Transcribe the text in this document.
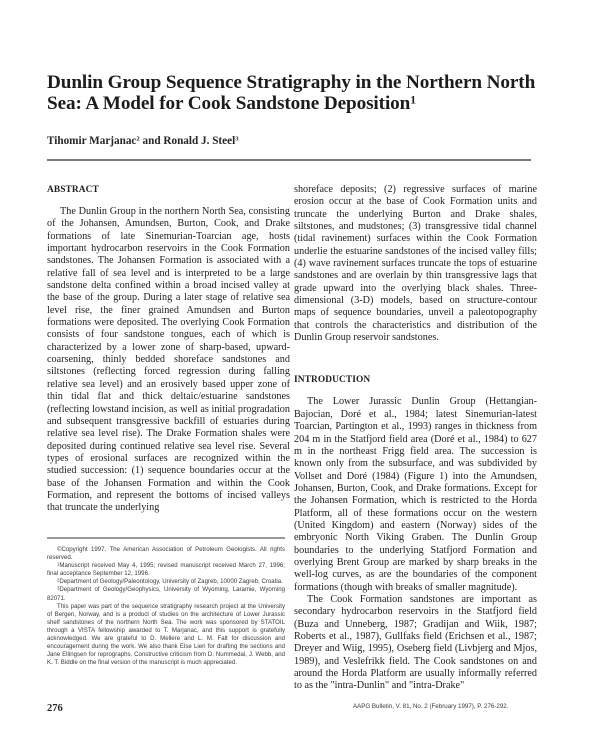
Dunlin Group Sequence Stratigraphy in the Northern North Sea: A Model for Cook Sandstone Deposition$^1$

Tihomir Marjanac$^2$ and Ronald J. Steel$^3$

ABSTRACT

The Dunlin Group in the northern North Sea, consisting of the Johansen, Amundsen, Burton, Cook, and Drake formations of late Sinemurian-Toarcian age, hosts important hydrocarbon reservoirs in the Cook Formation sandstones. The Johansen Formation is associated with a relative fall of sea level and is interpreted to be a large sandstone delta confined within a broad incised valley at the base of the group. During a later stage of relative sea level rise, the finer grained Amundsen and Burton formations were deposited. The overlying Cook Formation consists of four sandstone tongues, each of which is characterized by a lower zone of sharp-based, upward-coarsening, thinly bedded shoreface sandstones and siltstones (reflecting forced regression during falling relative sea level) and an erosively based upper zone of thin tidal flat and thick deltaic/estuarine sandstones (reflecting lowstand incision, as well as initial progradation and subsequent transgressive backfill of estuaries during relative sea level rise). The Drake Formation shales were deposited during continued relative sea level rise. Several types of erosional surfaces are recognized within the studied succession: (1) sequence boundaries occur at the base of the Johansen Formation and within the Cook Formation, and represent the bottoms of incised valleys that truncate the underlying

shoreface deposits; (2) regressive surfaces of marine erosion occur at the base of Cook Formation units and truncate the underlying Burton and Drake shales, siltstones, and mudstones; (3) transgressive tidal channel (tidal ravinement) surfaces within the Cook Formation underlie the estuarine sandstones of the incised valley fills; (4) wave ravinement surfaces truncate the tops of estuarine sandstones and are overlain by thin transgressive lags that grade upward into the overlying black shales. Three-dimensional (3-D) models, based on structure-contour maps of sequence boundaries, unveil a paleotopography that controls the characteristics and distribution of the Dunlin Group reservoir sandstones.

INTRODUCTION

The Lower Jurassic Dunlin Group (Hettangian-Bajocian, Doré et al., 1984; latest Sinemurian-latest Toarcian, Partington et al., 1993) ranges in thickness from 204 m in the Statfjord field area (Doré et al., 1984) to 627 m in the northeast Frigg field area. The succession is known only from the subsurface, and was subdivided by Vollset and Doré (1984) (Figure 1) into the Amundsen, Johansen, Burton, Cook, and Drake formations. Except for the Johansen Formation, which is restricted to the Horda Platform, all of these formations occur on the western (United Kingdom) and eastern (Norway) sides of the embryonic North Viking Graben. The Dunlin Group boundaries to the underlying Statfjord Formation and overlying Brent Group are marked by sharp breaks in the well-log curves, as are the boundaries of the component formations (though with breaks of smaller magnitude).

The Cook Formation sandstones are important as secondary hydrocarbon reservoirs in the Statfjord field (Buza and Unneberg, 1987; Gradijan and Wiik, 1987; Roberts et al., 1987), Gullfaks field (Erichsen et al., 1987; Dreyer and Wiig, 1995), Oseberg field (Livbjerg and Mjos, 1989), and Veslefrikk field. The Cook sandstones on and around the Horda Platform are usually informally referred to as the "intra-Dunlin" and "intra-Drake"

©Copyright 1997. The American Association of Petroleum Geologists. All rights reserved.

$^1$Manuscript received May 4, 1995; revised manuscript received March 27, 1996; final acceptance September 12, 1996.

$^2$Department of Geology/Paleontology, University of Zagreb, 10000 Zagreb, Croatia.

$^3$Department of Geology/Geophysics, University of Wyoming, Laramie, Wyoming 82071.

This paper was part of the sequence stratigraphy research project at the University of Bergen, Norway, and is a product of studies on the architecture of Lower Jurassic shelf sandstones of the northern North Sea. The work was sponsored by STATOIL through a VISTA fellowship awarded to T. Marjanac, and this support is gratefully acknowledged. We are grateful to D. Mellere and L. M. Falt for discussion and encouragement during the work. We also thank Else Lien for drafting the sections and Jane Ellingsen for reprographs. Constructive criticism from D. Nummedal, J. Webb, and K. T. Biddle on the final version of the manuscript is much appreciated.

276	AAPG Bulletin, V. 81, No. 2 (February 1997), P. 276-292.
